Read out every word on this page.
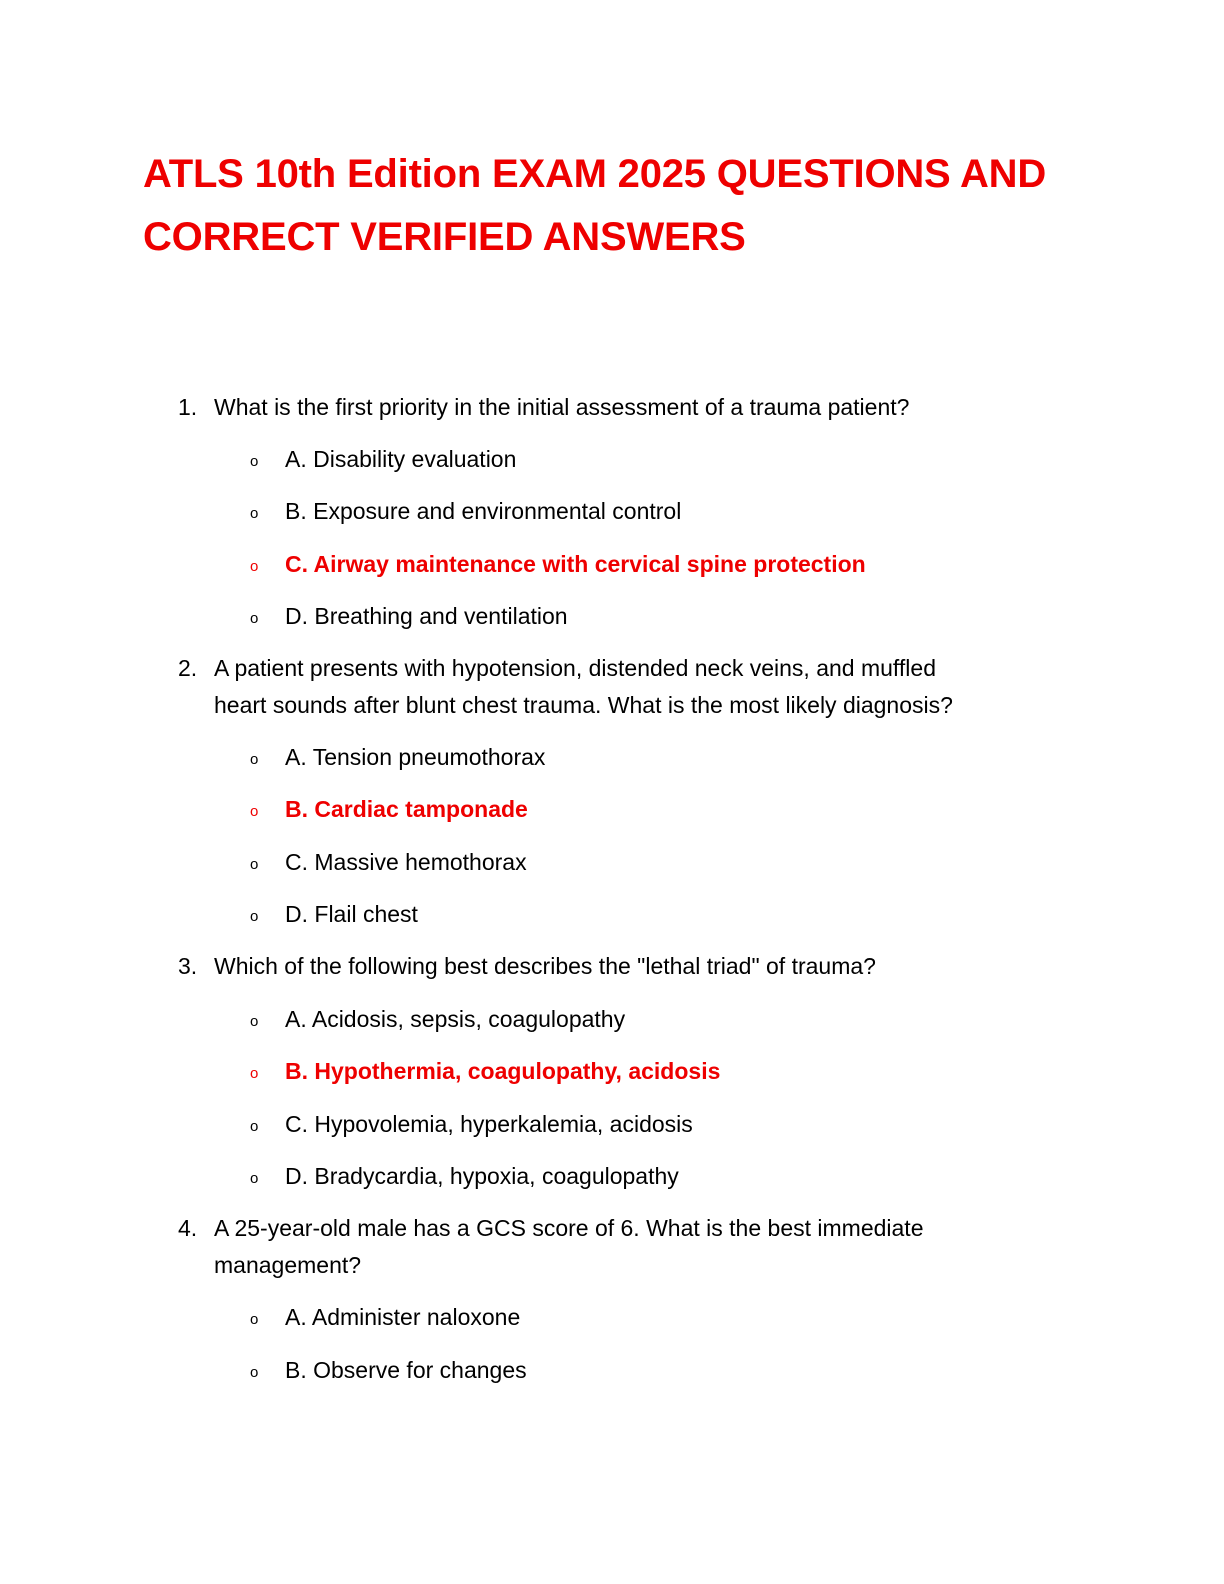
ATLS 10th Edition EXAM 2025 QUESTIONS AND
CORRECT VERIFIED ANSWERS
1. What is the first priority in the initial assessment of a trauma patient?
o A. Disability evaluation
o B. Exposure and environmental control
o C. Airway maintenance with cervical spine protection
o D. Breathing and ventilation
2. A patient presents with hypotension, distended neck veins, and muffled
heart sounds after blunt chest trauma. What is the most likely diagnosis?
o A. Tension pneumothorax
o B. Cardiac tamponade
o C. Massive hemothorax
o D. Flail chest
3. Which of the following best describes the "lethal triad" of trauma?
o A. Acidosis, sepsis, coagulopathy
o B. Hypothermia, coagulopathy, acidosis
o C. Hypovolemia, hyperkalemia, acidosis
o D. Bradycardia, hypoxia, coagulopathy
4. A 25-year-old male has a GCS score of 6. What is the best immediate
management?
o A. Administer naloxone
o B. Observe for changes
